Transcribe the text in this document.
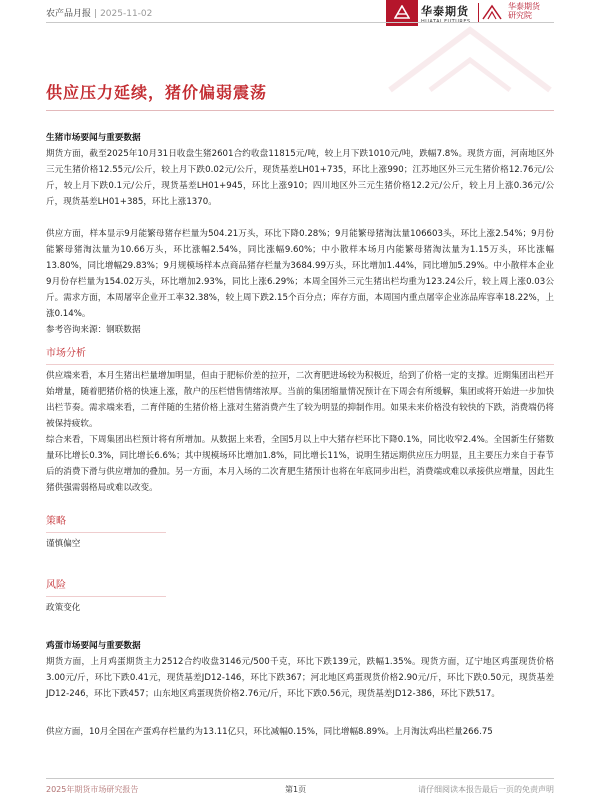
农产品月报 | 2025-11-02	华泰期货	华泰期货
研究院
供应压力延续，猪价偏弱震荡

生猪市场要闻与重要数据

期货方面，截至2025年10月31日收盘生猪2601合约收盘11815元/吨，较上月下跌1010元/吨，跌幅7.8%。现货方面，河南地区外三元生猪价格12.55元/公斤，较上月下跌0.02元/公斤，现货基差LH01+735，环比上涨990；江苏地区外三元生猪价格12.76元/公斤，较上月下跌0.1元/公斤，现货基差LH01+945，环比上涨910；四川地区外三元生猪价格12.2元/公斤，较上月上涨0.36元/公斤，现货基差LH01+385，环比上涨1370。

供应方面，样本显示9月能繁母猪存栏量为504.21万头，环比下降0.28%；9月能繁母猪淘汰量106603头，环比上涨2.54%；9月份能繁母猪淘汰量为10.66万头，环比涨幅2.54%，同比涨幅9.60%；中小散样本场月内能繁母猪淘汰量为1.15万头，环比涨幅13.80%，同比增幅29.83%；9月规模场样本点商品猪存栏量为3684.99万头，环比增加1.44%，同比增加5.29%。中小散样本企业9月份存栏量为154.02万头，环比增加2.93%，同比上涨6.29%；本周全国外三元生猪出栏均重为123.24公斤，较上周上涨0.03公斤。需求方面，本周屠宰企业开工率32.38%，较上周下跌2.15个百分点；库存方面，本周国内重点屠宰企业冻品库容率18.22%，上涨0.14%。

参考咨询来源：钢联数据

市场分析

供应端来看，本月生猪出栏量增加明显，但由于肥标价差的拉开，二次育肥进场较为积极近，给到了价格一定的支撑。近期集团出栏开始增量，随着肥猪价格的快速上涨，散户的压栏惜售情绪浓厚。当前的集团缩量情况预计在下周会有所缓解，集团或将开始进一步加快出栏节奏。需求端来看，二育伴随的生猪价格上涨对生猪消费产生了较为明显的抑制作用。如果未来价格没有较快的下跌，消费端仍将被保持疲软。

综合来看，下周集团出栏预计将有所增加。从数据上来看，全国5月以上中大猪存栏环比下降0.1%，同比收窄2.4%。全国新生仔猪数量环比增长0.3%，同比增长6.6%；其中规模场环比增加1.8%，同比增长11%，说明生猪远期供应压力明显，且主要压力来自于春节后的消费下滑与供应增加的叠加。另一方面，本月入场的二次育肥生猪预计也将在年底同步出栏，消费端或难以承接供应增量，因此生猪供强需弱格局或难以改变。

策略

谨慎偏空

风险

政策变化

鸡蛋市场要闻与重要数据

期货方面，上月鸡蛋期货主力2512合约收盘3146元/500千克，环比下跌139元，跌幅1.35%。现货方面，辽宁地区鸡蛋现货价格3.00元/斤，环比下跌0.41元，现货基差JD12-146，环比下跌367；河北地区鸡蛋现货价格2.90元/斤，环比下跌0.50元，现货基差JD12-246，环比下跌457；山东地区鸡蛋现货价格2.76元/斤，环比下跌0.56元，现货基差JD12-386，环比下跌517。

供应方面，10月全国在产蛋鸡存栏量约为13.11亿只，环比减幅0.15%，同比增幅8.89%。上月淘汰鸡出栏量266.75

2025年期货市场研究报告	第1页	请仔细阅读本报告最后一页的免责声明
